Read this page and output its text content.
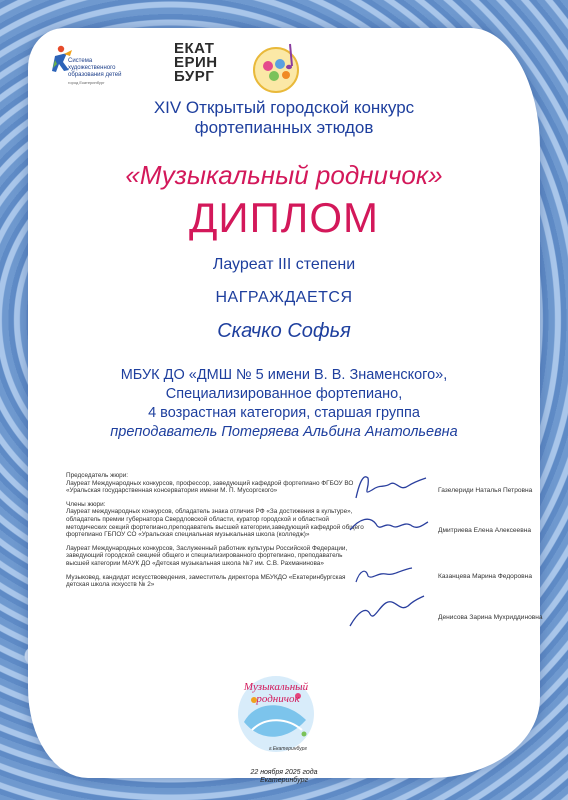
Система
художественного
образования детей
город Екатеринбург
ЕКАТ
ЕРИН
БУРГ
XIV Открытый городской конкурс
фортепианных этюдов
«Музыкальный родничок»
ДИПЛОМ
Лауреат III степени
НАГРАЖДАЕТСЯ
Скачко Софья
МБУК ДО «ДМШ № 5 имени В. В. Знаменского»,
Специализированное фортепиано,
4 возрастная категория, старшая группа
преподаватель Потеряева Альбина Анатольевна

Председатель жюри:
Лауреат Международных конкурсов, профессор, заведующий кафедрой фортепиано ФГБОУ ВО «Уральская государственная консерватория имени М. П. Мусоргского»

Члены жюри:
Лауреат международных конкурсов, обладатель знака отличия РФ «За достижения в культуре», обладатель премии губернатора Свердловской области, куратор городской и областной методических секций фортепиано,преподаватель высшей категории,заведующий кафедрой общего фортепиано ГБПОУ СО «Уральская специальная музыкальная школа (колледж)»

Лауреат Международных конкурсов, Заслуженный работник культуры Российской Федерации, заведующий городской секцией общего и специализированного фортепиано, преподаватель высшей категории МАУК ДО «Детская музыкальная школа №7 им. С.В. Рахманинова»

Музыковед, кандидат искусствоведения, заместитель директора МБУКДО «Екатеринбургская детская школа искусств № 2»

Газелериди Наталья Петровна
Дмитриева Елена Алексеевна
Казанцева Марина Федоровна
Денисова Зарина Мухриддиновна
Музыкальный
родничок
г.Екатеринбург
22 ноября 2025 года
Екатеринбург
